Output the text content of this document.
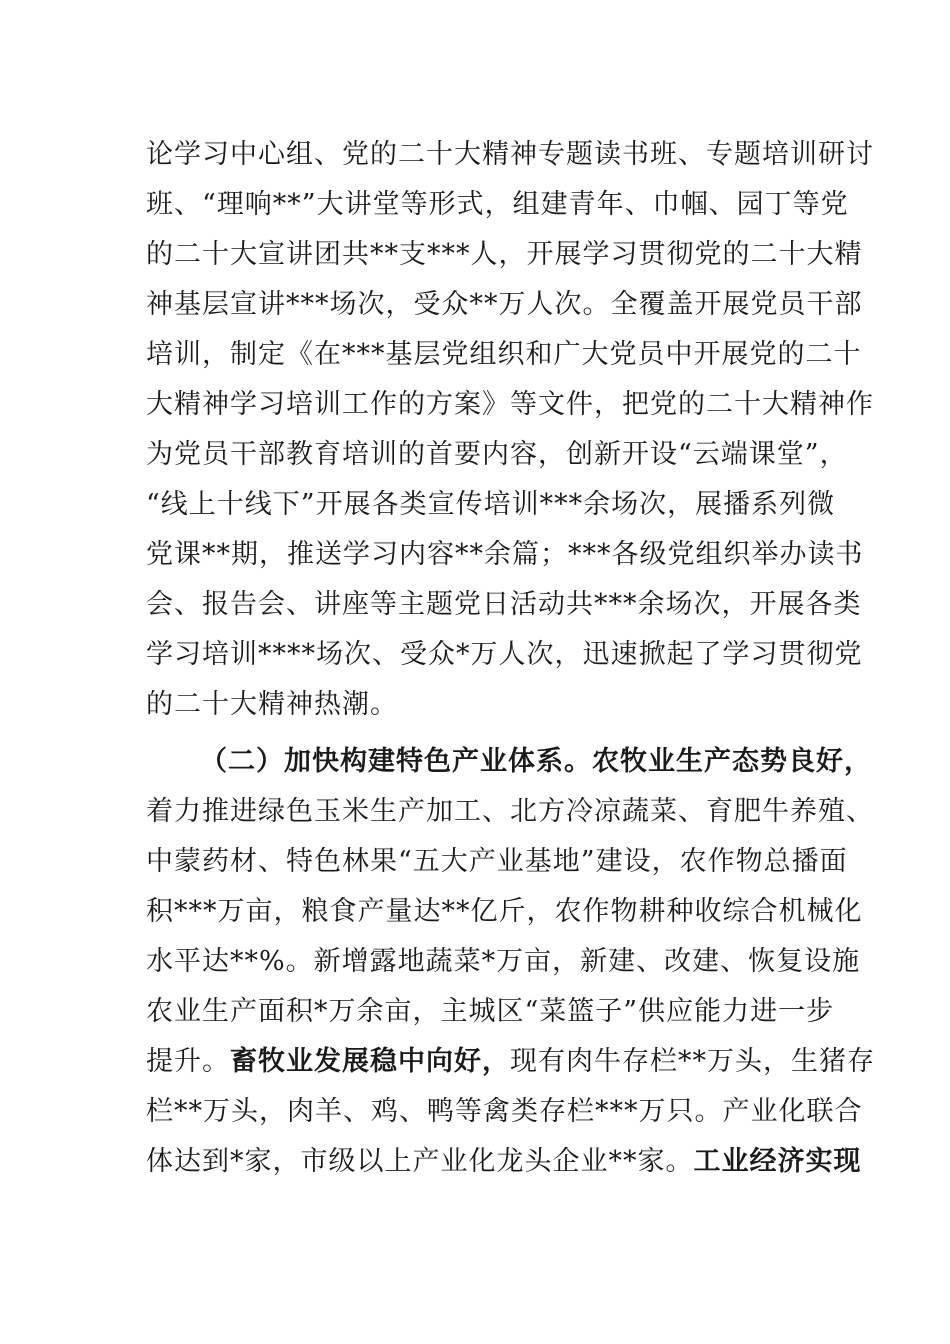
论学习中心组、党的二十大精神专题读书班、专题培训研讨
班、“理响**”大讲堂等形式，组建青年、巾帼、园丁等党
的二十大宣讲团共**支***人，开展学习贯彻党的二十大精
神基层宣讲***场次，受众**万人次。全覆盖开展党员干部
培训，制定《在***基层党组织和广大党员中开展党的二十
大精神学习培训工作的方案》等文件，把党的二十大精神作
为党员干部教育培训的首要内容，创新开设“云端课堂”，
“线上十线下”开展各类宣传培训***余场次，展播系列微
党课**期，推送学习内容**余篇；***各级党组织举办读书
会、报告会、讲座等主题党日活动共***余场次，开展各类
学习培训****场次、受众*万人次，迅速掀起了学习贯彻党
的二十大精神热潮。
（二）加快构建特色产业体系。农牧业生产态势良好，
着力推进绿色玉米生产加工、北方冷凉蔬菜、育肥牛养殖、
中蒙药材、特色林果“五大产业基地”建设，农作物总播面
积***万亩，粮食产量达**亿斤，农作物耕种收综合机械化
水平达**%。新增露地蔬菜*万亩，新建、改建、恢复设施
农业生产面积*万余亩，主城区“菜篮子”供应能力进一步
提升。畜牧业发展稳中向好，现有肉牛存栏**万头，生猪存
栏**万头，肉羊、鸡、鸭等禽类存栏***万只。产业化联合
体达到*家，市级以上产业化龙头企业**家。工业经济实现
